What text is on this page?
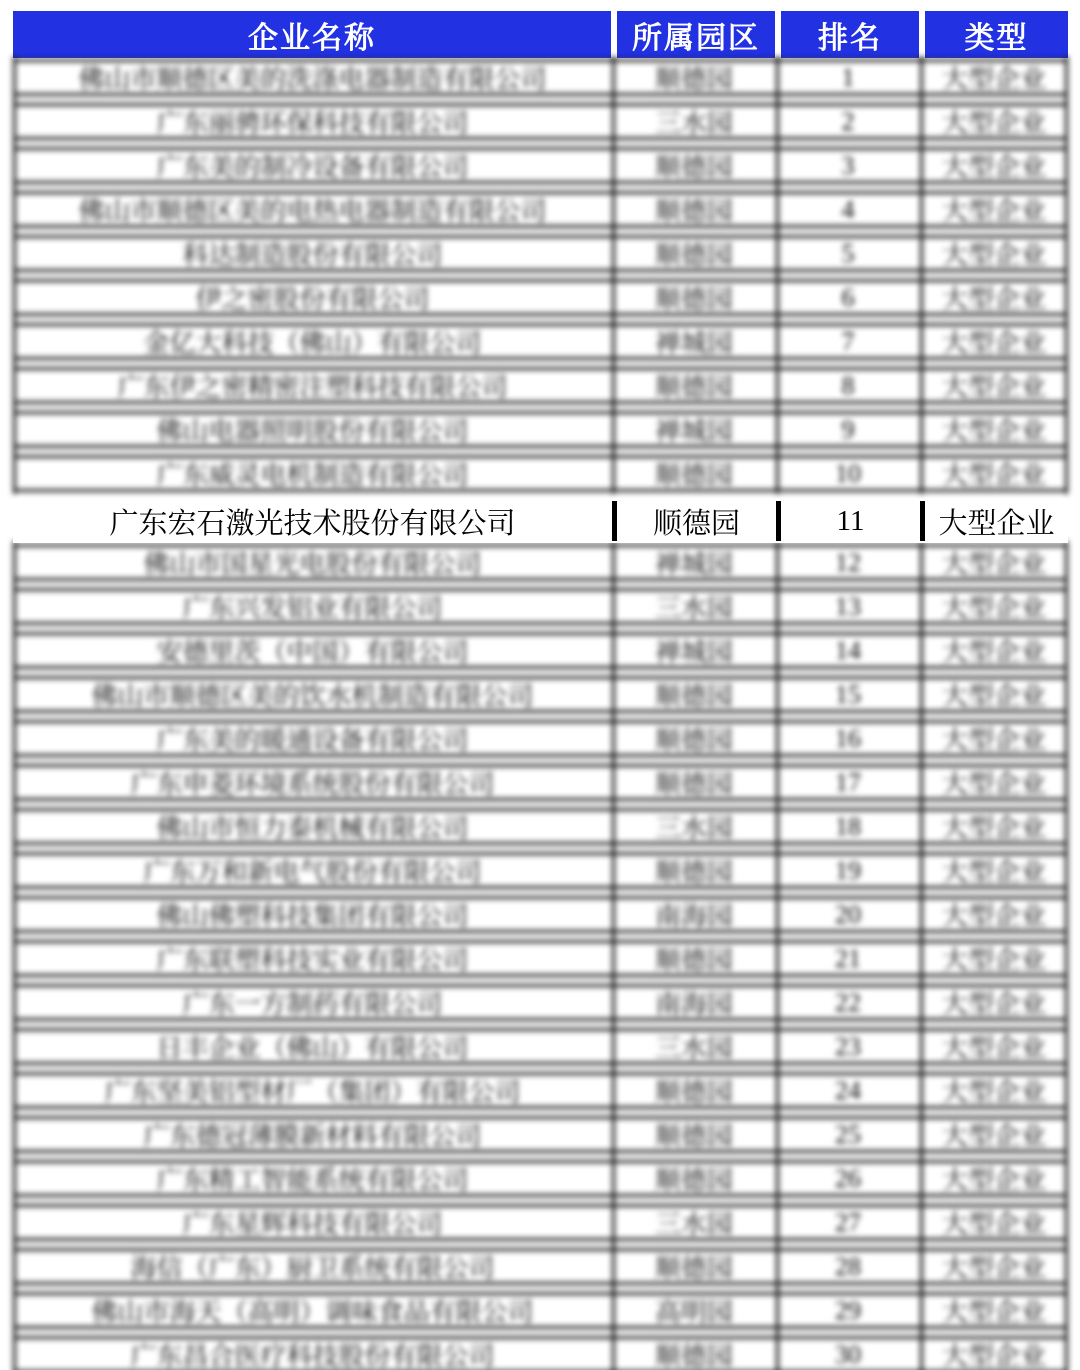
企业名称	所属园区	排名	类型
佛山市顺德区美的洗涤电器制造有限公司	顺德园	1	大型企业
广东丽骋环保科技有限公司	三水园	2	大型企业
广东美的制冷设备有限公司	顺德园	3	大型企业
佛山市顺德区美的电热电器制造有限公司	顺德园	4	大型企业
科达制造股份有限公司	顺德园	5	大型企业
伊之密股份有限公司	顺德园	6	大型企业
金亿大科技（佛山）有限公司	禅城园	7	大型企业
广东伊之密精密注塑科技有限公司	顺德园	8	大型企业
佛山电器照明股份有限公司	禅城园	9	大型企业
广东威灵电机制造有限公司	顺德园	10	大型企业
广东宏石激光技术股份有限公司	顺德园	11	大型企业
佛山市国星光电股份有限公司	禅城园	12	大型企业
广东兴发铝业有限公司	三水园	13	大型企业
安德里茨（中国）有限公司	禅城园	14	大型企业
佛山市顺德区美的饮水机制造有限公司	顺德园	15	大型企业
广东美的暖通设备有限公司	顺德园	16	大型企业
广东申菱环境系统股份有限公司	顺德园	17	大型企业
佛山市恒力泰机械有限公司	三水园	18	大型企业
广东万和新电气股份有限公司	顺德园	19	大型企业
佛山佛塑科技集团有限公司	南海园	20	大型企业
广东联塑科技实业有限公司	顺德园	21	大型企业
广东一方制药有限公司	南海园	22	大型企业
日丰企业（佛山）有限公司	三水园	23	大型企业
广东坚美铝型材厂（集团）有限公司	顺德园	24	大型企业
广东德冠薄膜新材料有限公司	顺德园	25	大型企业
广东精工智能系统有限公司	顺德园	26	大型企业
广东星辉科技有限公司	三水园	27	大型企业
海信（广东）厨卫系统有限公司	顺德园	28	大型企业
佛山市海天（高明）调味食品有限公司	高明园	29	大型企业
广东昌合医疗科技股份有限公司	顺德园	30	大型企业
